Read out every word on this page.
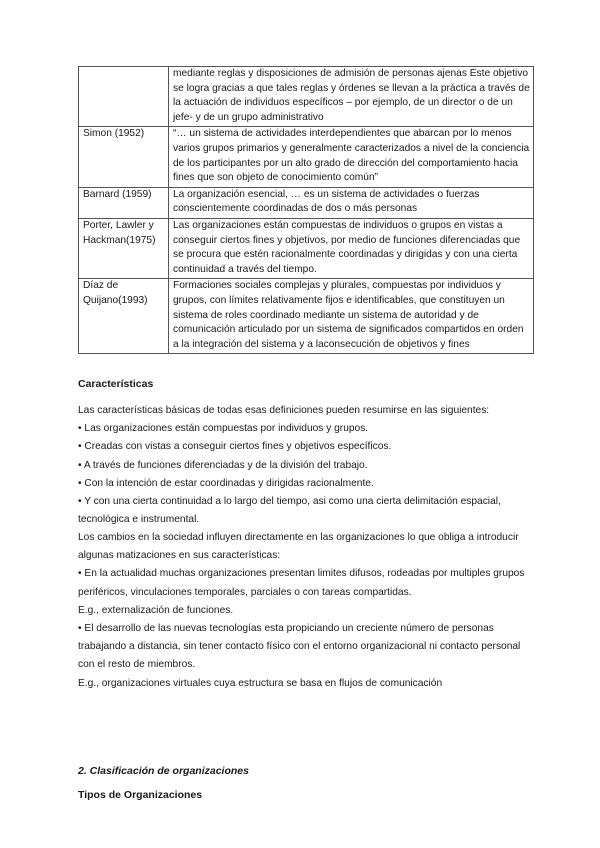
	mediante reglas y disposiciones de admisión de personas ajenas Este objetivo se logra gracias a que tales reglas y órdenes se llevan a la práctica a través de la actuación de individuos específicos – por ejemplo, de un director o de un jefe- y de un grupo administrativo
Simon (1952)	“… un sistema de actividades interdependientes que abarcan por lo menos varios grupos primarios y generalmente caracterizados a nivel de la conciencia de los participantes por un alto grado de dirección del comportamiento hacia fines que son objeto de conocimiento común”
Barnard (1959)	La organización esencial, … es un sistema de actividades o fuerzas conscientemente coordinadas de dos o más personas
Porter, Lawler y Hackman(1975)	Las organizaciones están compuestas de individuos o grupos en vistas a conseguir ciertos fines y objetivos, por medio de funciones diferenciadas que se procura que estén racionalmente coordinadas y dirigidas y con una cierta continuidad a través del tiempo.
Díaz de Quijano(1993)	Formaciones sociales complejas y plurales, compuestas por individuos y grupos, con límites relativamente fijos e identificables, que constituyen un sistema de roles coordinado mediante un sistema de autoridad y de comunicación articulado por un sistema de significados compartidos en orden a la integración del sistema y a laconsecución de objetivos y fines
Características

Las características básicas de todas esas definiciones pueden resumirse en las siguientes:

• Las organizaciones están compuestas por individuos y grupos.

• Creadas con vistas a conseguir ciertos fines y objetivos específicos.

• A través de funciones diferenciadas y de la división del trabajo.

• Con la intención de estar coordinadas y dirigidas racionalmente.

• Y con una cierta continuidad a lo largo del tiempo, asi como una cierta delimitación espacial, tecnológica e instrumental.

Los cambios en la sociedad influyen directamente en las organizaciones lo que obliga a introducir algunas matizaciones en sus características:

• En la actualidad muchas organizaciones presentan limites difusos, rodeadas por multiples grupos periféricos, vinculaciones temporales, parciales o con tareas compartidas.

E.g., externalización de funciones.

• El desarrollo de las nuevas tecnologías esta propiciando un creciente número de personas trabajando a distancia, sin tener contacto físico con el entorno organizacional ni contacto personal con el resto de miembros.

E.g., organizaciones virtuales cuya estructura se basa en flujos de comunicación

2. Clasificación de organizaciones
Tipos de Organizaciones
